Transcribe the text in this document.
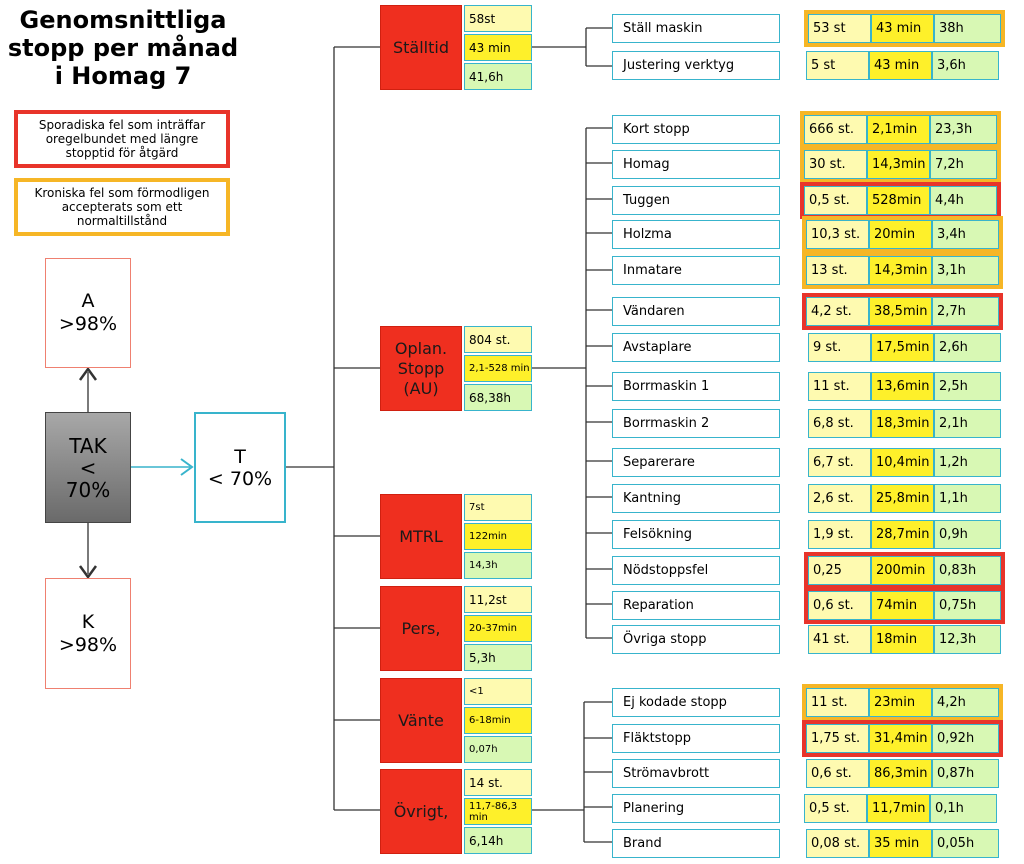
Genomsnittliga stopp per månad i Homag 7
Sporadiska fel som inträffar oregelbundet med längre stopptid för åtgärd
Kroniska fel som förmodligen accepterats som ett normaltillstånd
A
>98%
TAK
<
70%
K
>98%
T
< 70%
Ställtid
58st
43 min
41,6h
Oplan.
Stopp
(AU)
804 st.
2,1-528 min
68,38h
MTRL
7st
122min
14,3h
Pers,
11,2st
20-37min
5,3h
Vänte
<1
6-18min
0,07h
Övrigt,
14 st.
11,7-86,3 min
6,14h
Ställ maskin	53 st	43 min	38h
Justering verktyg	5 st	43 min	3,6h
Kort stopp	666 st.	2,1min	23,3h
Homag	30 st.	14,3min 7,2h
Tuggen	0,5 st.	528min	4,4h
Holzma	10,3 st.	20min	3,4h
Inmatare	13 st.	14,3min 3,1h
Vändaren	4,2 st.	38,5min 2,7h
Avstaplare	9 st.	17,5min 2,6h
Borrmaskin 1	11 st.	13,6min 2,5h
Borrmaskin 2	6,8 st.	18,3min 2,1h
Separerare	6,7 st.	10,4min 1,2h
Kantning	2,6 st.	25,8min 1,1h
Felsökning	1,9 st.	28,7min 0,9h
Nödstoppsfel	0,25	200min	0,83h
Reparation	0,6 st.	74min	0,75h
Övriga stopp	41 st.	18min	12,3h
Ej kodade stopp	11 st.	23min	4,2h
Fläktstopp	1,75 st.	31,4min 0,92h
Strömavbrott	0,6 st.	86,3min 0,87h
Planering	0,5 st.	11,7min 0,1h
Brand	0,08 st.	35 min	0,05h
